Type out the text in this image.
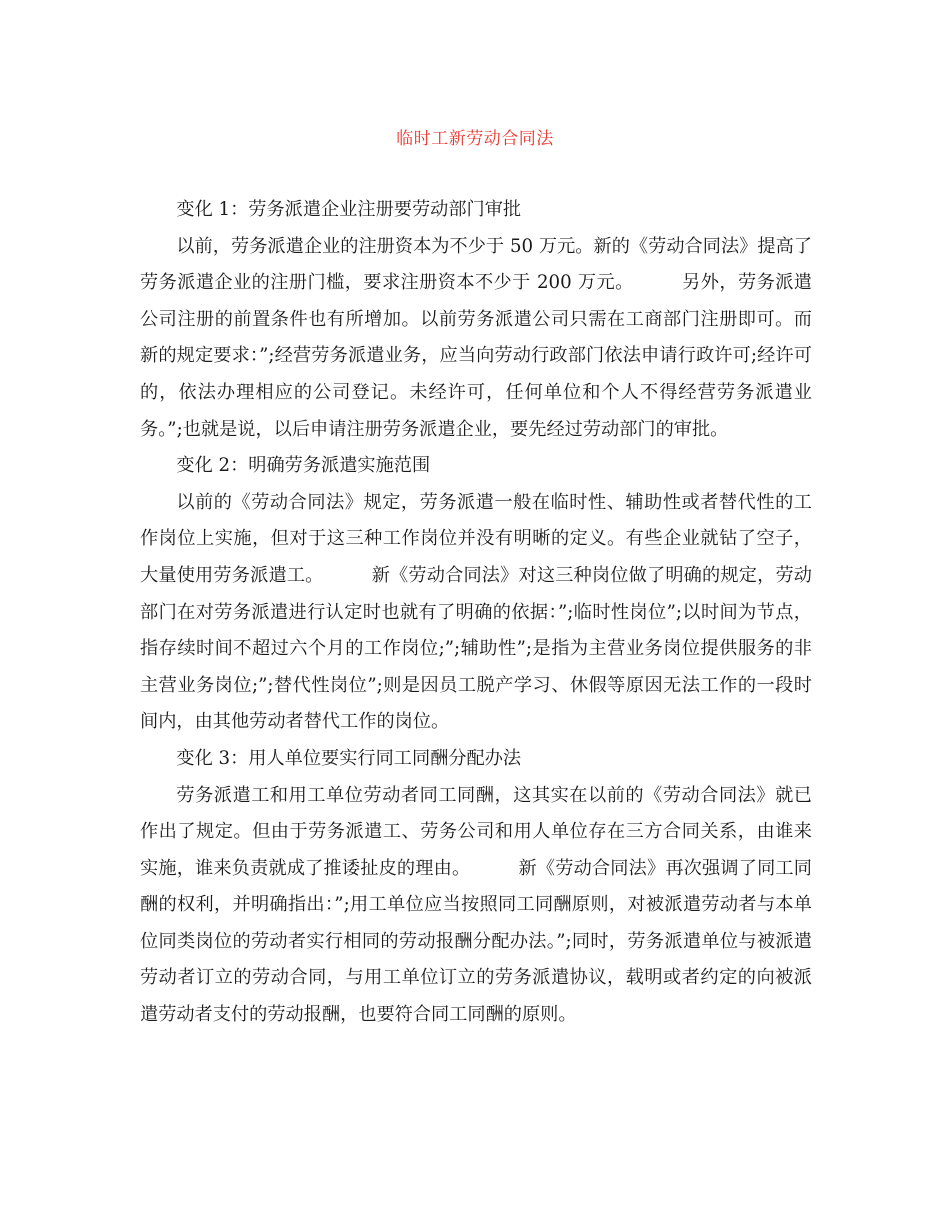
临时工新劳动合同法

变化 1：劳务派遣企业注册要劳动部门审批

以前，劳务派遣企业的注册资本为不少于 50 万元。新的《劳动合同法》提高了劳务派遣企业的注册门槛，要求注册资本不少于 200 万元。	另外，劳务派遣公司注册的前置条件也有所增加。以前劳务派遣公司只需在工商部门注册即可。而新的规定要求：”;经营劳务派遣业务，应当向劳动行政部门依法申请行政许可;经许可的，依法办理相应的公司登记。未经许可，任何单位和个人不得经营劳务派遣业务。”;也就是说，以后申请注册劳务派遣企业，要先经过劳动部门的审批。

变化 2：明确劳务派遣实施范围

以前的《劳动合同法》规定，劳务派遣一般在临时性、辅助性或者替代性的工作岗位上实施，但对于这三种工作岗位并没有明晰的定义。有些企业就钻了空子，大量使用劳务派遣工。	新《劳动合同法》对这三种岗位做了明确的规定，劳动部门在对劳务派遣进行认定时也就有了明确的依据：”;临时性岗位”;以时间为节点，指存续时间不超过六个月的工作岗位;”;辅助性”;是指为主营业务岗位提供服务的非主营业务岗位;”;替代性岗位”;则是因员工脱产学习、休假等原因无法工作的一段时间内，由其他劳动者替代工作的岗位。

变化 3：用人单位要实行同工同酬分配办法

劳务派遣工和用工单位劳动者同工同酬，这其实在以前的《劳动合同法》就已作出了规定。但由于劳务派遣工、劳务公司和用人单位存在三方合同关系，由谁来实施，谁来负责就成了推诿扯皮的理由。	新《劳动合同法》再次强调了同工同酬的权利，并明确指出：”;用工单位应当按照同工同酬原则，对被派遣劳动者与本单位同类岗位的劳动者实行相同的劳动报酬分配办法。”;同时，劳务派遣单位与被派遣劳动者订立的劳动合同，与用工单位订立的劳务派遣协议，载明或者约定的向被派遣劳动者支付的劳动报酬，也要符合同工同酬的原则。
